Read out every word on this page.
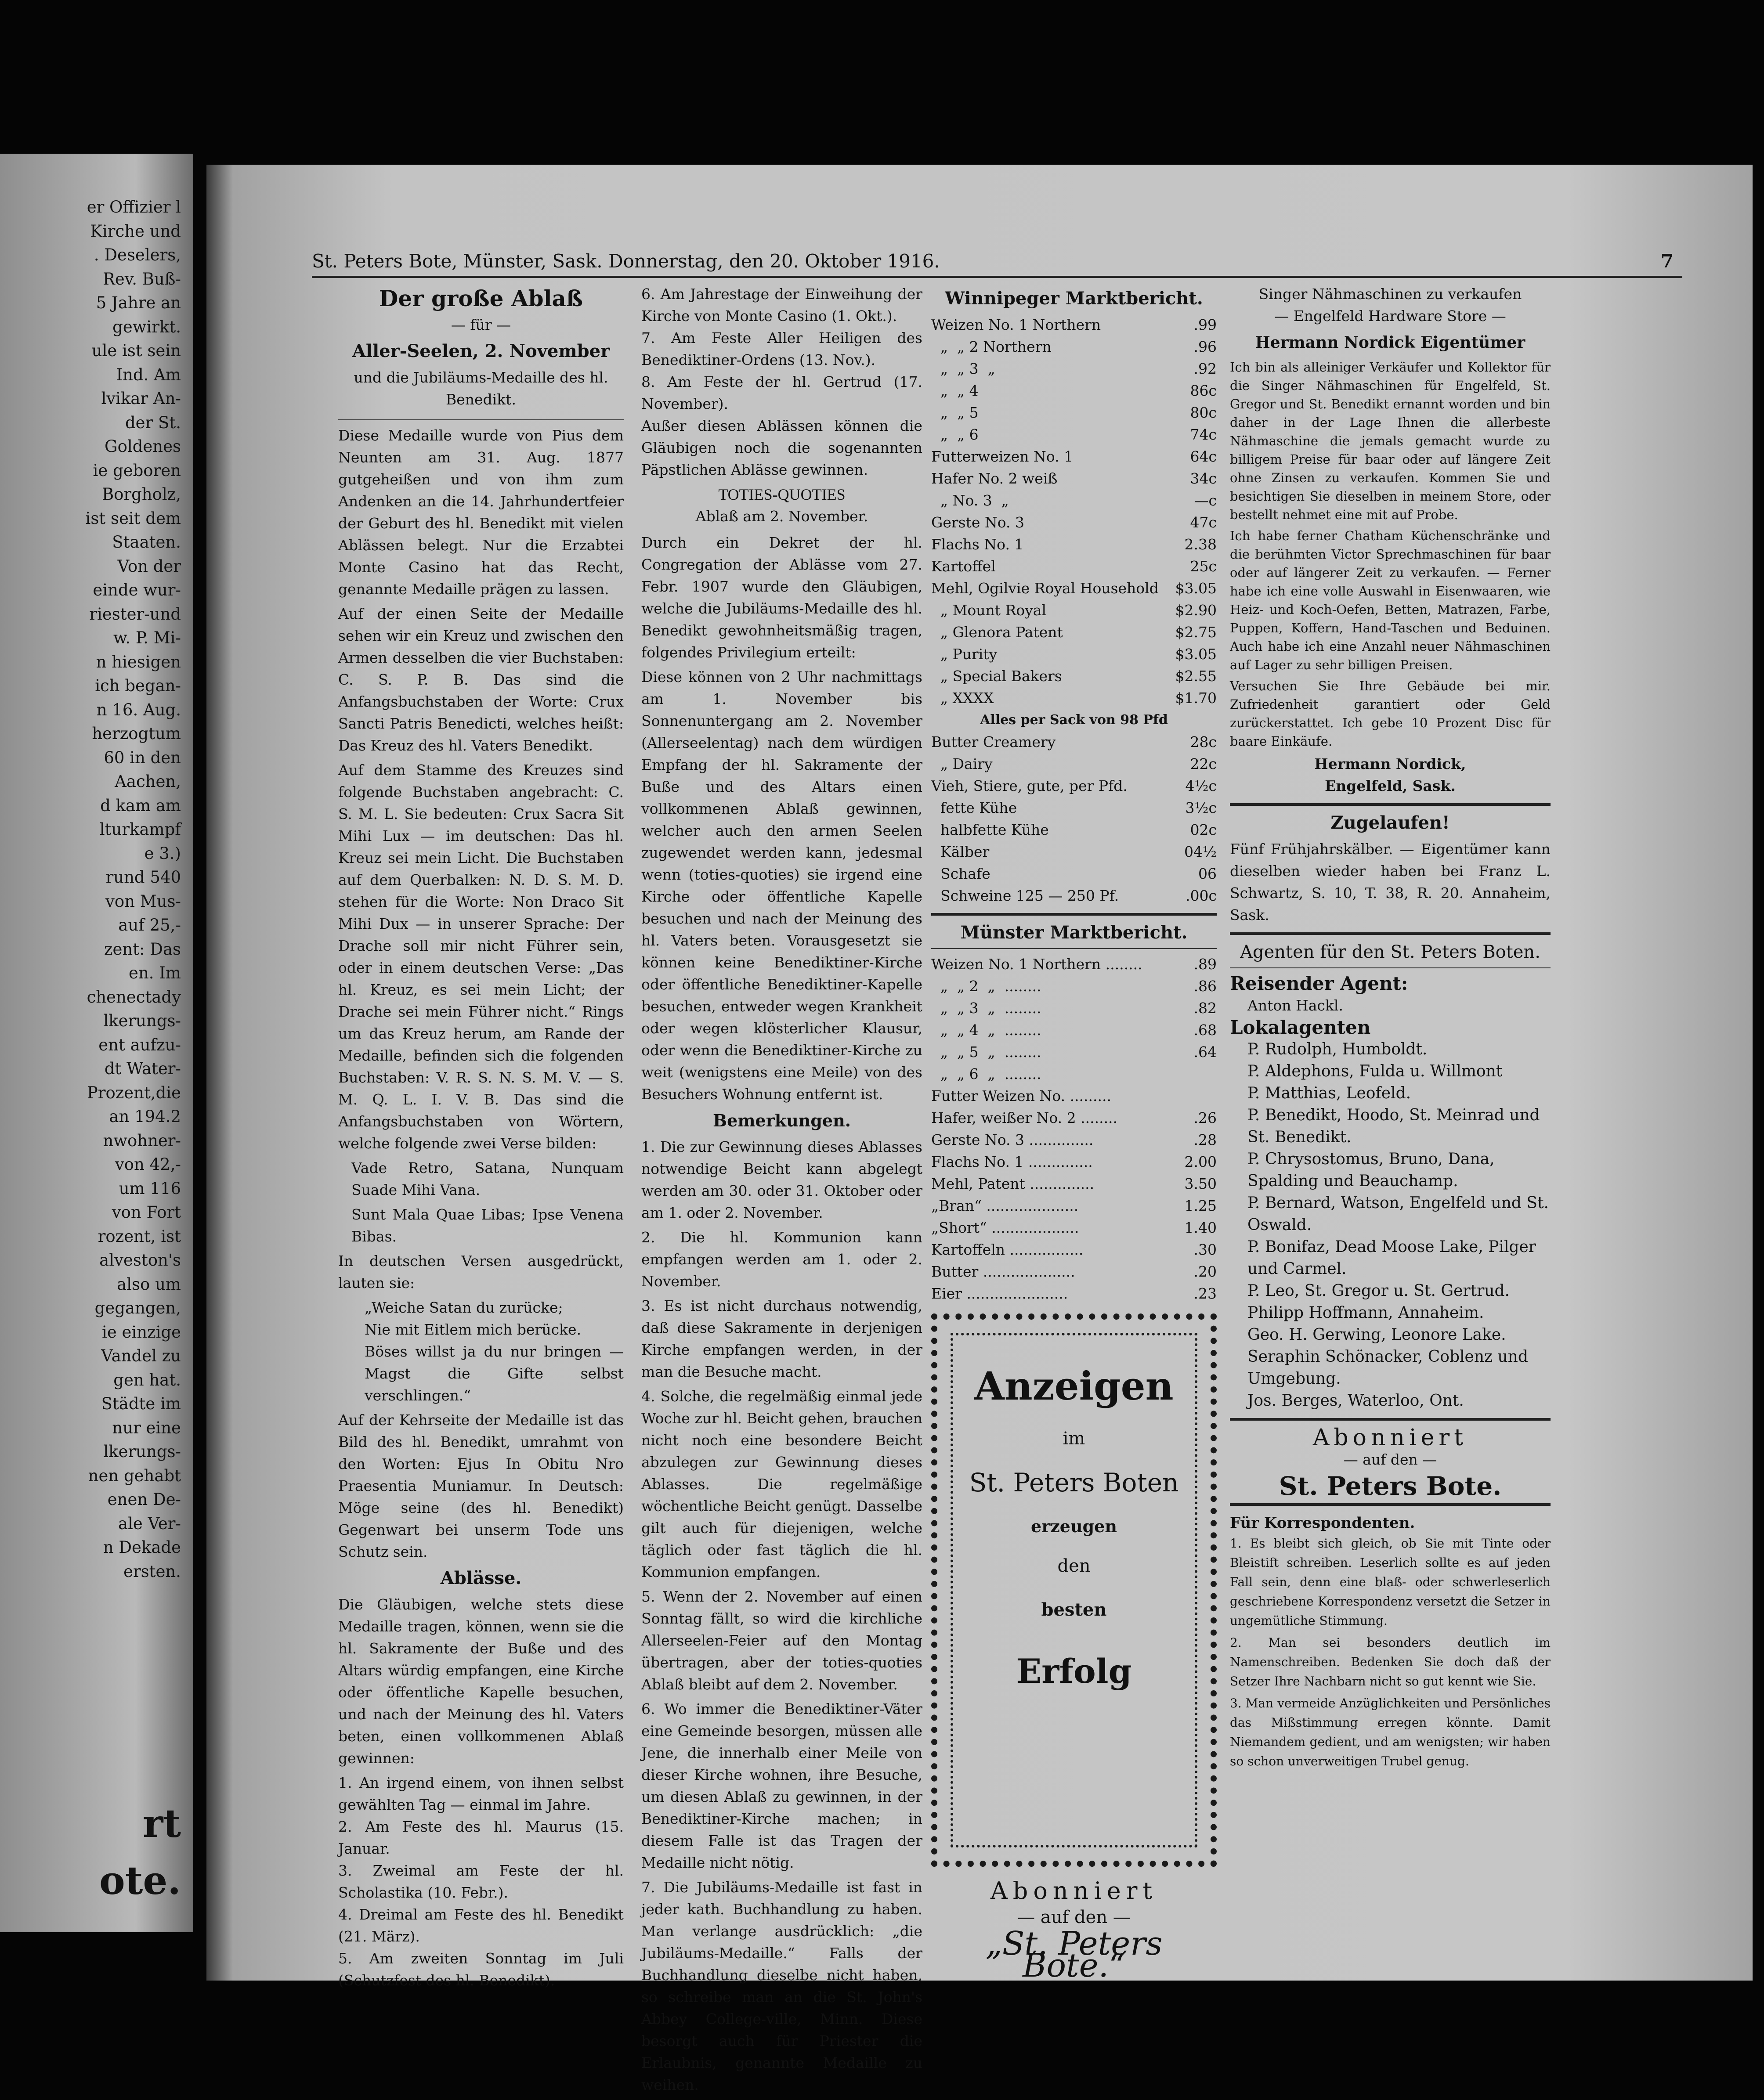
er Offizier l
Kirche und
. Deselers,
Rev. Buß-
5 Jahre an
gewirkt.
ule ist sein
Ind. Am
lvikar An-
der St.
Goldenes
ie geboren
Borgholz,
ist seit dem
Staaten.
Von der
einde wur-
riester-und
w. P. Mi-
n hiesigen
ich began-
n 16. Aug.
herzogtum
60 in den
Aachen,
d kam am
lturkampf
e 3.)
rund 540
von Mus-
auf 25,-
zent: Das
en. Im
chenectady
lkerungs-
ent aufzu-
dt Water-
Prozent,die
an 194.2
nwohner-
von 42,-
um 116
von Fort
rozent, ist
alveston's
also um
gegangen,
ie einzige
Vandel zu
gen hat.
Städte im
nur eine
lkerungs-
nen gehabt
enen De-
ale Ver-
n Dekade
ersten.
rt
ote.
St. Peters Bote, Münster, Sask. Donnerstag, den 20. Oktober 1916.	7
Der große Ablaß
— für —
Aller-Seelen, 2. November
und die Jubiläums-Medaille des hl. Benedikt.

Diese Medaille wurde von Pius dem Neunten am 31. Aug. 1877 gutgeheißen und von ihm zum Andenken an die 14. Jahrhundertfeier der Geburt des hl. Benedikt mit vielen Ablässen belegt. Nur die Erzabtei Monte Casino hat das Recht, genannte Medaille prägen zu lassen.

Auf der einen Seite der Medaille sehen wir ein Kreuz und zwischen den Armen desselben die vier Buchstaben: C. S. P. B. Das sind die Anfangsbuchstaben der Worte: Crux Sancti Patris Benedicti, welches heißt: Das Kreuz des hl. Vaters Benedikt.

Auf dem Stamme des Kreuzes sind folgende Buchstaben angebracht: C. S. M. L. Sie bedeuten: Crux Sacra Sit Mihi Lux — im deutschen: Das hl. Kreuz sei mein Licht. Die Buchstaben auf dem Querbalken: N. D. S. M. D. stehen für die Worte: Non Draco Sit Mihi Dux — in unserer Sprache: Der Drache soll mir nicht Führer sein, oder in einem deutschen Verse: „Das hl. Kreuz, es sei mein Licht; der Drache sei mein Führer nicht.“ Rings um das Kreuz herum, am Rande der Medaille, befinden sich die folgenden Buchstaben: V. R. S. N. S. M. V. — S. M. Q. L. I. V. B. Das sind die Anfangsbuchstaben von Wörtern, welche folgende zwei Verse bilden:

Vade Retro, Satana, Nunquam Suade Mihi Vana.

Sunt Mala Quae Libas; Ipse Venena Bibas.

In deutschen Versen ausgedrückt, lauten sie:

„Weiche Satan du zurücke;

Nie mit Eitlem mich berücke.

Böses willst ja du nur bringen — Magst die Gifte selbst verschlingen.“

Auf der Kehrseite der Medaille ist das Bild des hl. Benedikt, umrahmt von den Worten: Ejus In Obitu Nro Praesentia Muniamur. In Deutsch: Möge seine (des hl. Benedikt) Gegenwart bei unserm Tode uns Schutz sein.

Ablässe.

Die Gläubigen, welche stets diese Medaille tragen, können, wenn sie die hl. Sakramente der Buße und des Altars würdig empfangen, eine Kirche oder öffentliche Kapelle besuchen, und nach der Meinung des hl. Vaters beten, einen vollkommenen Ablaß gewinnen:

1. An irgend einem, von ihnen selbst gewählten Tag — einmal im Jahre.

2. Am Feste des hl. Maurus (15. Januar.

3. Zweimal am Feste der hl. Scholastika (10. Febr.).

4. Dreimal am Feste des hl. Benedikt (21. März).

5. Am zweiten Sonntag im Juli (Schutzfest des hl. Benedikt).

6. Am Jahrestage der Einweihung der Kirche von Monte Casino (1. Okt.).

7. Am Feste Aller Heiligen des Benediktiner-Ordens (13. Nov.).

8. Am Feste der hl. Gertrud (17. November).

Außer diesen Ablässen können die Gläubigen noch die sogenannten Päpstlichen Ablässe gewinnen.

TOTIES-QUOTIES
Ablaß am 2. November.

Durch ein Dekret der hl. Congregation der Ablässe vom 27. Febr. 1907 wurde den Gläubigen, welche die Jubiläums-Medaille des hl. Benedikt gewohnheitsmäßig tragen, folgendes Privilegium erteilt:

Diese können von 2 Uhr nachmittags am 1. November bis Sonnenuntergang am 2. November (Allerseelentag) nach dem würdigen Empfang der hl. Sakramente der Buße und des Altars einen vollkommenen Ablaß gewinnen, welcher auch den armen Seelen zugewendet werden kann, jedesmal wenn (toties-quoties) sie irgend eine Kirche oder öffentliche Kapelle besuchen und nach der Meinung des hl. Vaters beten. Vorausgesetzt sie können keine Benediktiner-Kirche oder öffentliche Benediktiner-Kapelle besuchen, entweder wegen Krankheit oder wegen klösterlicher Klausur, oder wenn die Benediktiner-Kirche zu weit (wenigstens eine Meile) von des Besuchers Wohnung entfernt ist.

Bemerkungen.

1. Die zur Gewinnung dieses Ablasses notwendige Beicht kann abgelegt werden am 30. oder 31. Oktober oder am 1. oder 2. November.

2. Die hl. Kommunion kann empfangen werden am 1. oder 2. November.

3. Es ist nicht durchaus notwendig, daß diese Sakramente in derjenigen Kirche empfangen werden, in der man die Besuche macht.

4. Solche, die regelmäßig einmal jede Woche zur hl. Beicht gehen, brauchen nicht noch eine besondere Beicht abzulegen zur Gewinnung dieses Ablasses. Die regelmäßige wöchentliche Beicht genügt. Dasselbe gilt auch für diejenigen, welche täglich oder fast täglich die hl. Kommunion empfangen.

5. Wenn der 2. November auf einen Sonntag fällt, so wird die kirchliche Allerseelen-Feier auf den Montag übertragen, aber der toties-quoties Ablaß bleibt auf dem 2. November.

6. Wo immer die Benediktiner-Väter eine Gemeinde besorgen, müssen alle Jene, die innerhalb einer Meile von dieser Kirche wohnen, ihre Besuche, um diesen Ablaß zu gewinnen, in der Benediktiner-Kirche machen; in diesem Falle ist das Tragen der Medaille nicht nötig.

7. Die Jubiläums-Medaille ist fast in jeder kath. Buchhandlung zu haben. Man verlange ausdrücklich: „die Jubiläums-Medaille.“ Falls der Buchhandlung dieselbe nicht haben, so schreibe man an die St. John's Abbey College-ville, Minn. Diese besorgt auch für Priester die Erlaubnis, genannte Medaille zu weihen.

Winnipeger Marktbericht.
Weizen No. 1 Northern	.99
„  „ 2 Northern	.96
„  „ 3  „	.92
„  „ 4	86c
„  „ 5	80c
„  „ 6	74c
Futterweizen No. 1	64c
Hafer No. 2 weiß	34c
„ No. 3  „	—c
Gerste No. 3	47c
Flachs No. 1	2.38
Kartoffel	25c
Mehl, Ogilvie Royal Household $3.05
„ Mount Royal	$2.90
„ Glenora Patent	$2.75
„ Purity	$3.05
„ Special Bakers	$2.55
„ XXXX	$1.70
Alles per Sack von 98 Pfd
Butter Creamery	28c
„ Dairy	22c
Vieh, Stiere, gute, per Pfd.	4½c
fette Kühe	3½c
halbfette Kühe	02c
Kälber	04½
Schafe	06
Schweine 125 — 250 Pf.	.00c
Münster Marktbericht.
Weizen No. 1 Northern ........	.89
„  „ 2  „  ........	.86
„  „ 3  „  ........	.82
„  „ 4  „  ........	.68
„  „ 5  „  ........	.64
„  „ 6  „  ........
Futter Weizen No. .........
Hafer, weißer No. 2 ........	.26
Gerste No. 3 ..............	.28
Flachs No. 1 ..............	2.00
Mehl, Patent ..............	3.50
„Bran“ ....................	1.25
„Short“ ...................	1.40
Kartoffeln ................	.30
Butter ....................	.20
Eier ......................	.23
Anzeigen
im
St. Peters Boten
erzeugen
den
besten
Erfolg
Abonniert
— auf den —
„St. Peters Bote.“
Singer Nähmaschinen zu verkaufen
— Engelfeld Hardware Store —
Hermann Nordick Eigentümer

Ich bin als alleiniger Verkäufer und Kollektor für die Singer Nähmaschinen für Engelfeld, St. Gregor und St. Benedikt ernannt worden und bin daher in der Lage Ihnen die allerbeste Nähmaschine die jemals gemacht wurde zu billigem Preise für baar oder auf längere Zeit ohne Zinsen zu verkaufen. Kommen Sie und besichtigen Sie dieselben in meinem Store, oder bestellt nehmet eine mit auf Probe.

Ich habe ferner Chatham Küchenschränke und die berühmten Victor Sprechmaschinen für baar oder auf längerer Zeit zu verkaufen. — Ferner habe ich eine volle Auswahl in Eisenwaaren, wie Heiz- und Koch-Oefen, Betten, Matrazen, Farbe, Puppen, Koffern, Hand-Taschen und Beduinen. Auch habe ich eine Anzahl neuer Nähmaschinen auf Lager zu sehr billigen Preisen.

Versuchen Sie Ihre Gebäude bei mir. Zufriedenheit garantiert oder Geld zurückerstattet. Ich gebe 10 Prozent Disc für baare Einkäufe.

Hermann Nordick,
Engelfeld, Sask.
Zugelaufen!

Fünf Frühjahrskälber. — Eigentümer kann dieselben wieder haben bei Franz L. Schwartz, S. 10, T. 38, R. 20. Annaheim, Sask.

Agenten für den St. Peters Boten.
Reisender Agent:
Anton Hackl.
Lokalagenten
P. Rudolph, Humboldt.
P. Aldephons, Fulda u. Willmont
P. Matthias, Leofeld.
P. Benedikt, Hoodo, St. Meinrad und St. Benedikt.
P. Chrysostomus, Bruno, Dana, Spalding und Beauchamp.
P. Bernard, Watson, Engelfeld und St. Oswald.
P. Bonifaz, Dead Moose Lake, Pilger und Carmel.
P. Leo, St. Gregor u. St. Gertrud.
Philipp Hoffmann, Annaheim.
Geo. H. Gerwing, Leonore Lake.
Seraphin Schönacker, Coblenz und Umgebung.
Jos. Berges, Waterloo, Ont.
Abonniert
— auf den —
St. Peters Bote.
Für Korrespondenten.

1. Es bleibt sich gleich, ob Sie mit Tinte oder Bleistift schreiben. Leserlich sollte es auf jeden Fall sein, denn eine blaß- oder schwerleserlich geschriebene Korrespondenz versetzt die Setzer in ungemütliche Stimmung.

2. Man sei besonders deutlich im Namenschreiben. Bedenken Sie doch daß der Setzer Ihre Nachbarn nicht so gut kennt wie Sie.

3. Man vermeide Anzüglichkeiten und Persönliches das Mißstimmung erregen könnte. Damit Niemandem gedient, und am wenigsten; wir haben so schon unverweitigen Trubel genug.
